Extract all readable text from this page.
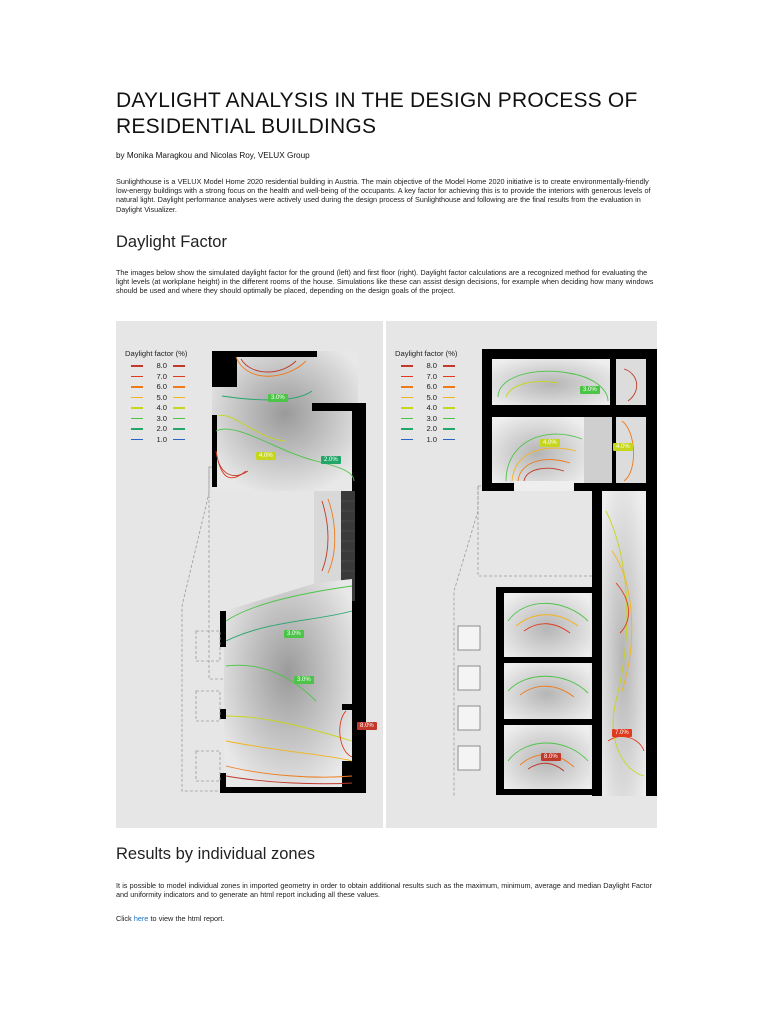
DAYLIGHT ANALYSIS IN THE DESIGN PROCESS OF RESIDENTIAL BUILDINGS
by Monika Maragkou and Nicolas Roy, VELUX Group
Sunlighthouse is a VELUX Model Home 2020 residential building in Austria. The main objective of the Model Home 2020 initiative is to create environmentally-friendly low-energy buildings with a strong focus on the health and well-being of the occupants. A key factor for achieving this is to provide the interiors with generous levels of natural light. Daylight performance analyses were actively used during the design process of Sunlighthouse and following are the final results from the evaluation in Daylight Visualizer.
Daylight Factor
The images below show the simulated daylight factor for the ground (left) and first floor (right). Daylight factor calculations are a recognized method for evaluating the light levels (at workplane height) in the different rooms of the house. Simulations like these can assist design decisions, for example when deciding how many windows should be used and where they should optimally be placed, depending on the design goals of the project.
Daylight factor (%)
8.0
7.0
6.0
5.0
4.0
3.0
2.0
1.0
3.0%
4.0%
2.0%
3.0%
3.0%
8.0%
Daylight factor (%)
8.0
7.0
6.0
5.0
4.0
3.0
2.0
1.0
3.0%
4.0%
4.0%
8.0%
7.0%
Results by individual zones
It is possible to model individual zones in imported geometry in order to obtain additional results such as the maximum, minimum, average and median Daylight Factor and uniformity indicators and to generate an html report including all these values.
Click here to view the html report.
